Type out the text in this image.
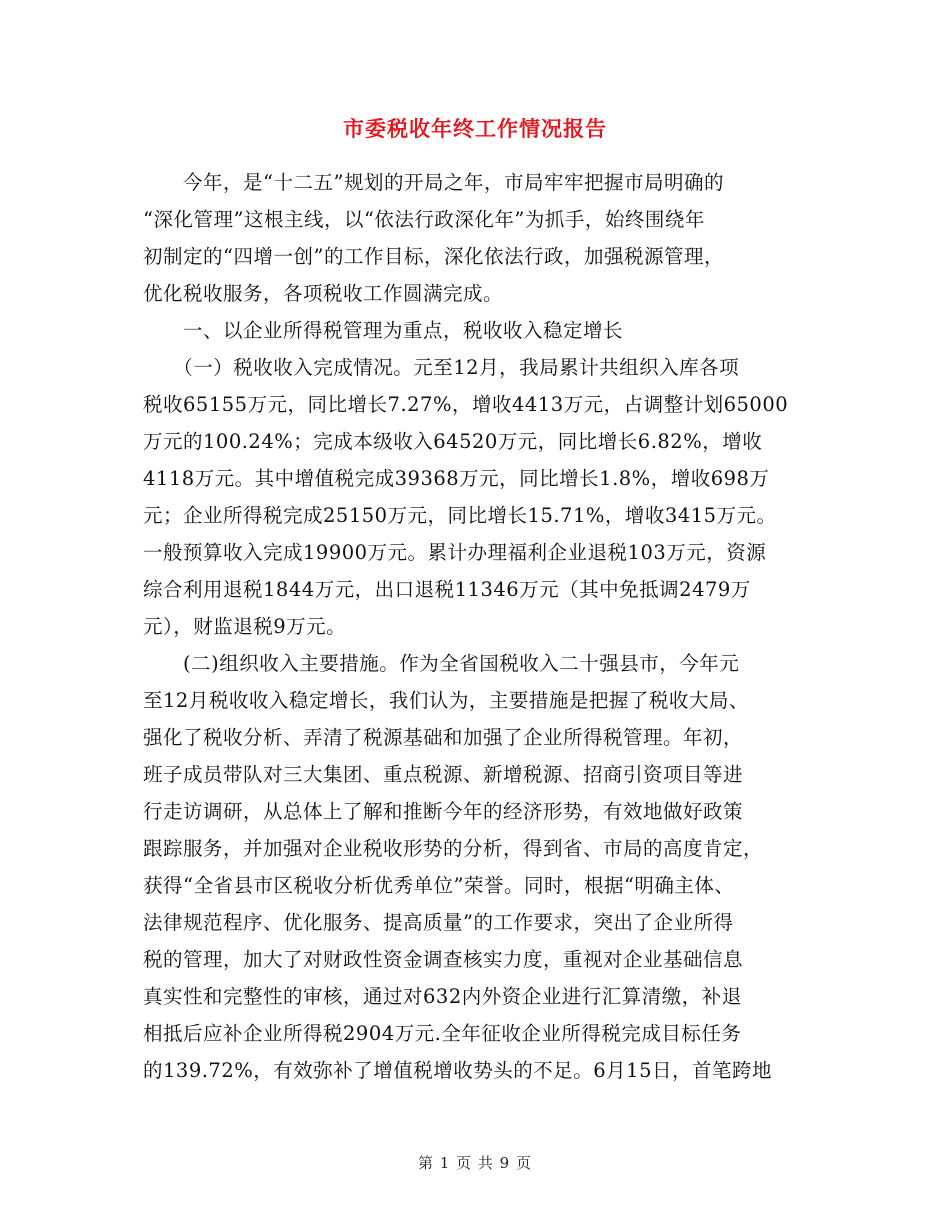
市委税收年终工作情况报告
　　今年，是“十二五”规划的开局之年，市局牢牢把握市局明确的
“深化管理”这根主线，以“依法行政深化年”为抓手，始终围绕年
初制定的“四增一创”的工作目标，深化依法行政，加强税源管理，
优化税收服务，各项税收工作圆满完成。
　　一、以企业所得税管理为重点，税收收入稳定增长
　　（一）税收收入完成情况。元至12月，我局累计共组织入库各项
税收65155万元，同比增长7.27%，增收4413万元，占调整计划65000
万元的100.24%；完成本级收入64520万元，同比增长6.82%，增收
4118万元。其中增值税完成39368万元，同比增长1.8%，增收698万
元；企业所得税完成25150万元，同比增长15.71%，增收3415万元。
一般预算收入完成19900万元。累计办理福利企业退税103万元，资源
综合利用退税1844万元，出口退税11346万元（其中免抵调2479万
元），财监退税9万元。
　　(二)组织收入主要措施。作为全省国税收入二十强县市，今年元
至12月税收收入稳定增长，我们认为，主要措施是把握了税收大局、
强化了税收分析、弄清了税源基础和加强了企业所得税管理。年初，
班子成员带队对三大集团、重点税源、新增税源、招商引资项目等进
行走访调研，从总体上了解和推断今年的经济形势，有效地做好政策
跟踪服务，并加强对企业税收形势的分析，得到省、市局的高度肯定，
获得“全省县市区税收分析优秀单位”荣誉。同时，根据“明确主体、
法律规范程序、优化服务、提高质量”的工作要求，突出了企业所得
税的管理，加大了对财政性资金调查核实力度，重视对企业基础信息
真实性和完整性的审核，通过对632内外资企业进行汇算清缴，补退
相抵后应补企业所得税2904万元.全年征收企业所得税完成目标任务
的139.72%，有效弥补了增值税增收势头的不足。6月15日，首笔跨地
第 1 页 共 9 页
